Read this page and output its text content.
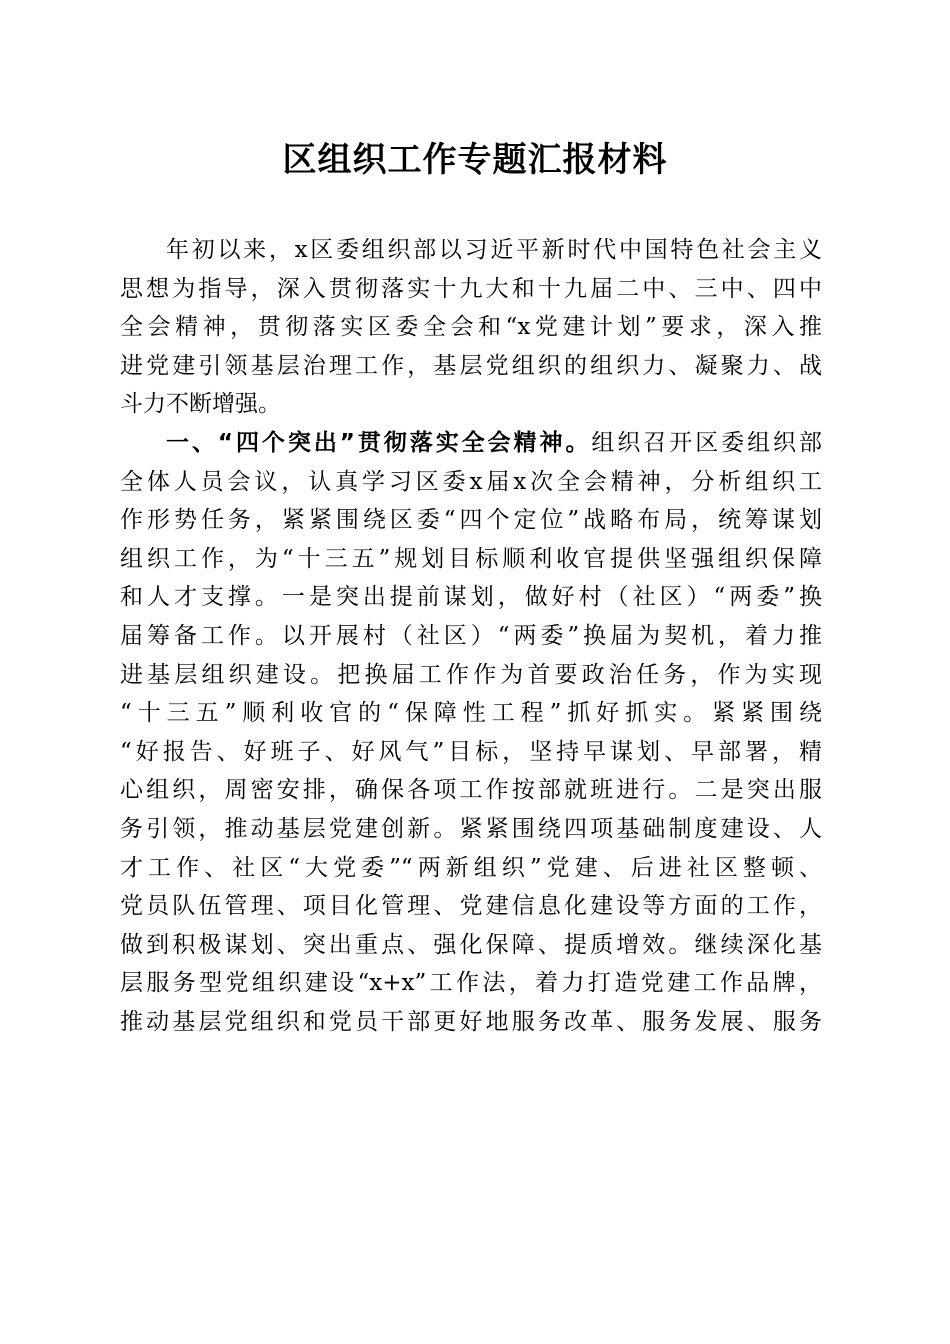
区组织工作专题汇报材料
年初以来，x区委组织部以习近平新时代中国特色社会主义
思想为指导，深入贯彻落实十九大和十九届二中、三中、四中
全会精神，贯彻落实区委全会和“x党建计划”要求，深入推
进党建引领基层治理工作，基层党组织的组织力、凝聚力、战
斗力不断增强。
一、“四个突出”贯彻落实全会精神。组织召开区委组织部
全体人员会议，认真学习区委x届x次全会精神，分析组织工
作形势任务，紧紧围绕区委“四个定位”战略布局，统筹谋划
组织工作，为“十三五”规划目标顺利收官提供坚强组织保障
和人才支撑。一是突出提前谋划，做好村（社区）“两委”换
届筹备工作。以开展村（社区）“两委”换届为契机，着力推
进基层组织建设。把换届工作作为首要政治任务，作为实现
“十三五”顺利收官的“保障性工程”抓好抓实。紧紧围绕
“好报告、好班子、好风气”目标，坚持早谋划、早部署，精
心组织，周密安排，确保各项工作按部就班进行。二是突出服
务引领，推动基层党建创新。紧紧围绕四项基础制度建设、人
才工作、社区“大党委”“两新组织”党建、后进社区整顿、
党员队伍管理、项目化管理、党建信息化建设等方面的工作，
做到积极谋划、突出重点、强化保障、提质增效。继续深化基
层服务型党组织建设“x+x”工作法，着力打造党建工作品牌，
推动基层党组织和党员干部更好地服务改革、服务发展、服务
